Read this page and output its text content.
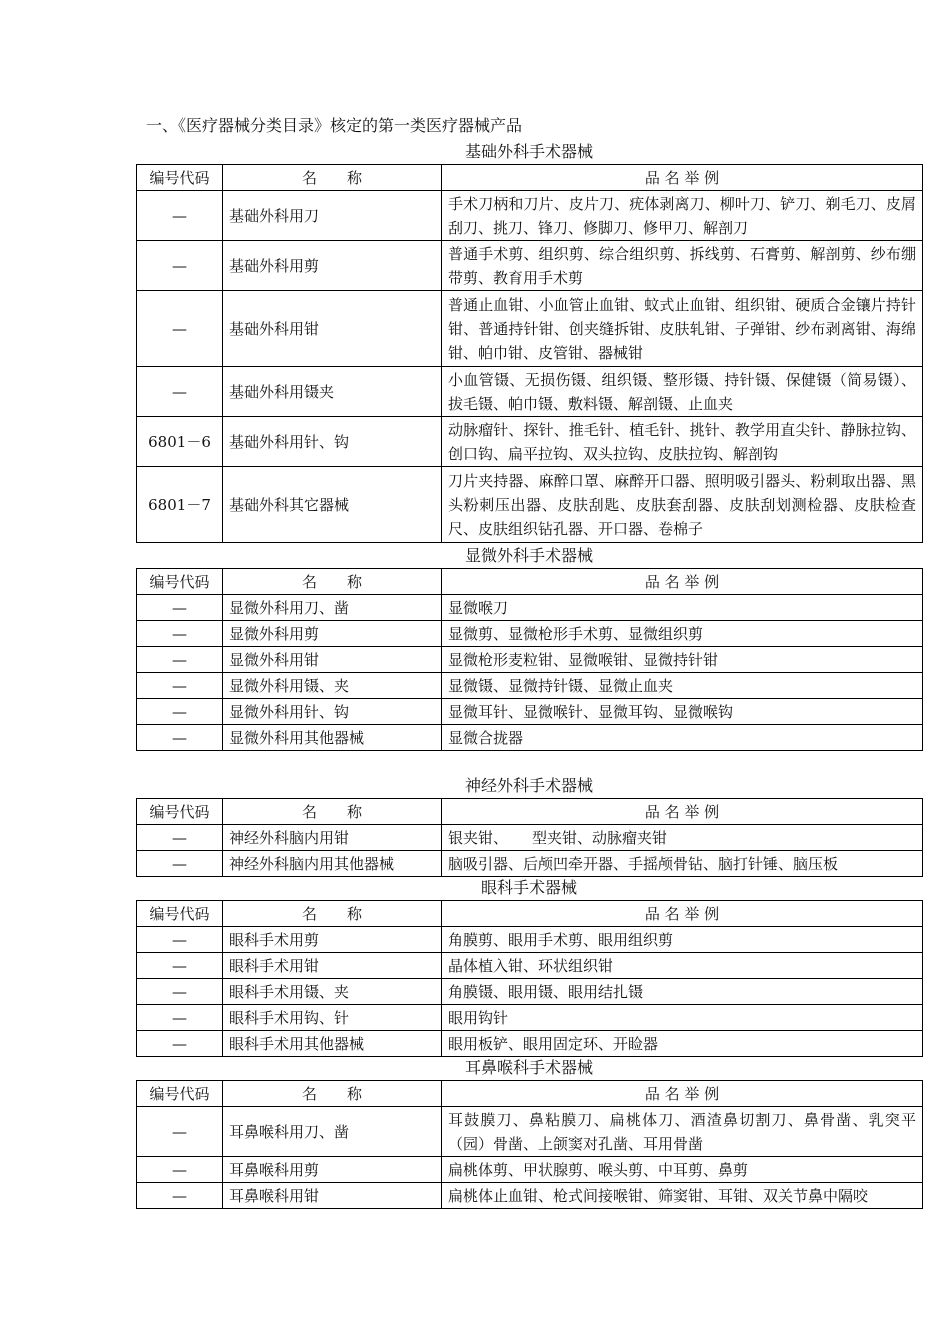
一、《医疗器械分类目录》核定的第一类医疗器械产品
基础外科手术器械
编号代码	名 称	品 名 举 例
—	基础外科用刀	手术刀柄和刀片、皮片刀、疣体剥离刀、柳叶刀、铲刀、剃毛刀、皮屑刮刀、挑刀、锋刀、修脚刀、修甲刀、解剖刀
—	基础外科用剪	普通手术剪、组织剪、综合组织剪、拆线剪、石膏剪、解剖剪、纱布绷带剪、教育用手术剪
—	基础外科用钳	普通止血钳、小血管止血钳、蚊式止血钳、组织钳、硬质合金镶片持针钳、普通持针钳、创夹缝拆钳、皮肤轧钳、子弹钳、纱布剥离钳、海绵钳、帕巾钳、皮管钳、器械钳
—	基础外科用镊夹	小血管镊、无损伤镊、组织镊、整形镊、持针镊、保健镊（简易镊）、拔毛镊、帕巾镊、敷料镊、解剖镊、止血夹
6801－6	基础外科用针、钩	动脉瘤针、探针、推毛针、植毛针、挑针、教学用直尖针、静脉拉钩、创口钩、扁平拉钩、双头拉钩、皮肤拉钩、解剖钩
6801－7	基础外科其它器械	刀片夹持器、麻醉口罩、麻醉开口器、照明吸引器头、粉刺取出器、黑头粉刺压出器、皮肤刮匙、皮肤套刮器、皮肤刮划测检器、皮肤检查尺、皮肤组织钻孔器、开口器、卷棉子
显微外科手术器械
编号代码	名 称	品 名 举 例
—	显微外科用刀、凿	显微喉刀
—	显微外科用剪	显微剪、显微枪形手术剪、显微组织剪
—	显微外科用钳	显微枪形麦粒钳、显微喉钳、显微持针钳
—	显微外科用镊、夹	显微镊、显微持针镊、显微止血夹
—	显微外科用针、钩	显微耳针、显微喉针、显微耳钩、显微喉钩
—	显微外科用其他器械	显微合拢器
神经外科手术器械
编号代码	名 称	品 名 举 例
—	神经外科脑内用钳	银夹钳、 型夹钳、动脉瘤夹钳
—	神经外科脑内用其他器械	脑吸引器、后颅凹牵开器、手摇颅骨钻、脑打针锤、脑压板
眼科手术器械
编号代码	名 称	品 名 举 例
—	眼科手术用剪	角膜剪、眼用手术剪、眼用组织剪
—	眼科手术用钳	晶体植入钳、环状组织钳
—	眼科手术用镊、夹	角膜镊、眼用镊、眼用结扎镊
—	眼科手术用钩、针	眼用钩针
—	眼科手术用其他器械	眼用板铲、眼用固定环、开睑器
耳鼻喉科手术器械
编号代码	名 称	品 名 举 例
—	耳鼻喉科用刀、凿	耳鼓膜刀、鼻粘膜刀、扁桃体刀、酒渣鼻切割刀、鼻骨凿、乳突平（园）骨凿、上颌窦对孔凿、耳用骨凿
—	耳鼻喉科用剪	扁桃体剪、甲状腺剪、喉头剪、中耳剪、鼻剪
—	耳鼻喉科用钳	扁桃体止血钳、枪式间接喉钳、筛窦钳、耳钳、双关节鼻中隔咬
